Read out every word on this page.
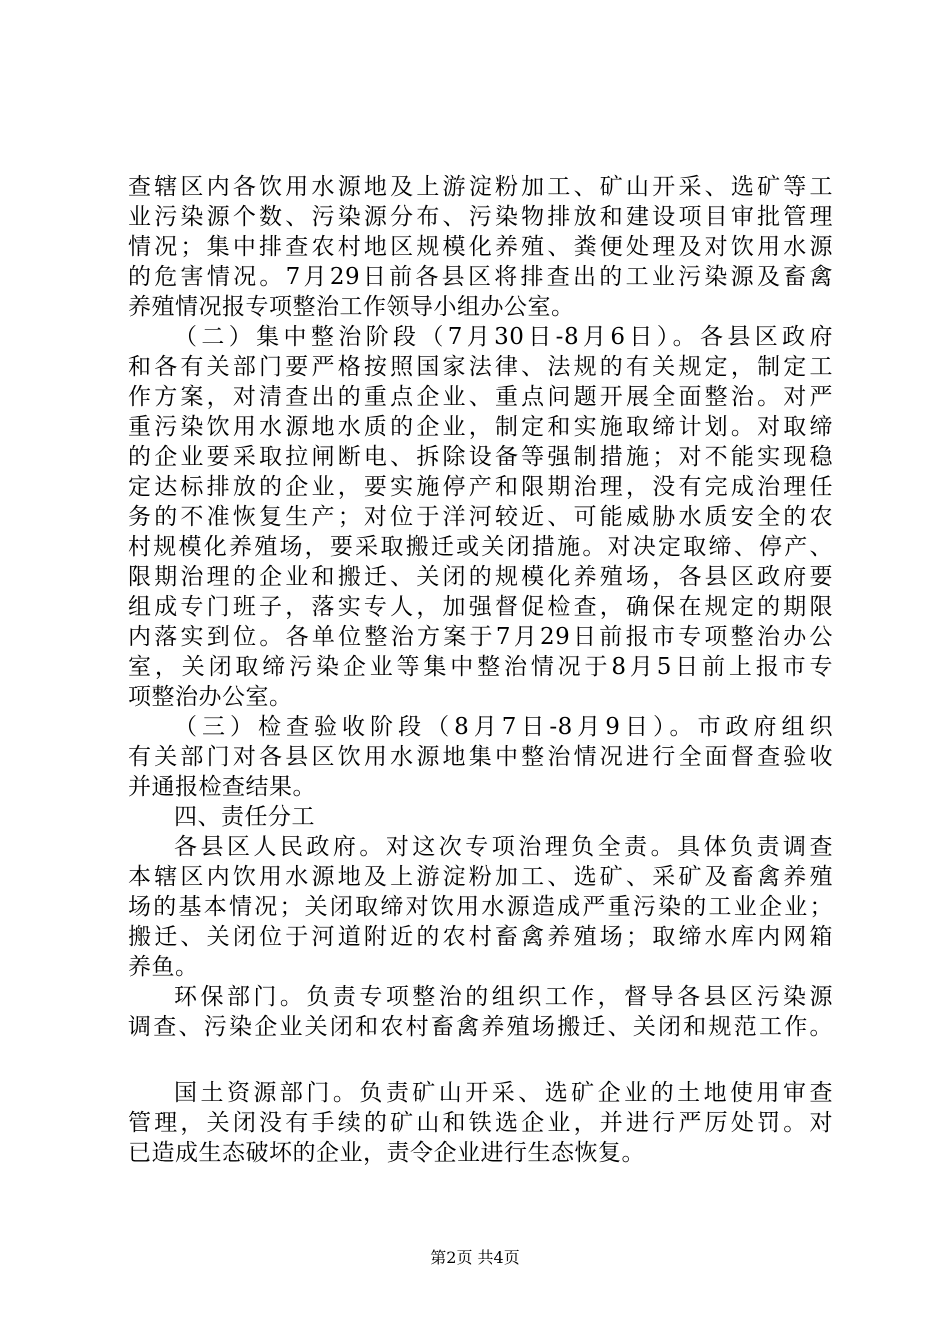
查辖区内各饮用水源地及上游淀粉加工、矿山开采、选矿等工
业污染源个数、污染源分布、污染物排放和建设项目审批管理
情况；集中排查农村地区规模化养殖、粪便处理及对饮用水源
的危害情况。7月29日前各县区将排查出的工业污染源及畜禽
养殖情况报专项整治工作领导小组办公室。
（二）集中整治阶段（7月30日-8月6日）。各县区政府
和各有关部门要严格按照国家法律、法规的有关规定，制定工
作方案，对清查出的重点企业、重点问题开展全面整治。对严
重污染饮用水源地水质的企业，制定和实施取缔计划。对取缔
的企业要采取拉闸断电、拆除设备等强制措施；对不能实现稳
定达标排放的企业，要实施停产和限期治理，没有完成治理任
务的不准恢复生产；对位于洋河较近、可能威胁水质安全的农
村规模化养殖场，要采取搬迁或关闭措施。对决定取缔、停产、
限期治理的企业和搬迁、关闭的规模化养殖场，各县区政府要
组成专门班子，落实专人，加强督促检查，确保在规定的期限
内落实到位。各单位整治方案于7月29日前报市专项整治办公
室，关闭取缔污染企业等集中整治情况于8月5日前上报市专
项整治办公室。
（三）检查验收阶段（8月7日-8月9日）。市政府组织
有关部门对各县区饮用水源地集中整治情况进行全面督查验收
并通报检查结果。
四、责任分工
各县区人民政府。对这次专项治理负全责。具体负责调查
本辖区内饮用水源地及上游淀粉加工、选矿、采矿及畜禽养殖
场的基本情况；关闭取缔对饮用水源造成严重污染的工业企业；
搬迁、关闭位于河道附近的农村畜禽养殖场；取缔水库内网箱
养鱼。
环保部门。负责专项整治的组织工作，督导各县区污染源
调查、污染企业关闭和农村畜禽养殖场搬迁、关闭和规范工作。
国土资源部门。负责矿山开采、选矿企业的土地使用审查
管理，关闭没有手续的矿山和铁选企业，并进行严厉处罚。对
已造成生态破坏的企业，责令企业进行生态恢复。
第2页 共4页
